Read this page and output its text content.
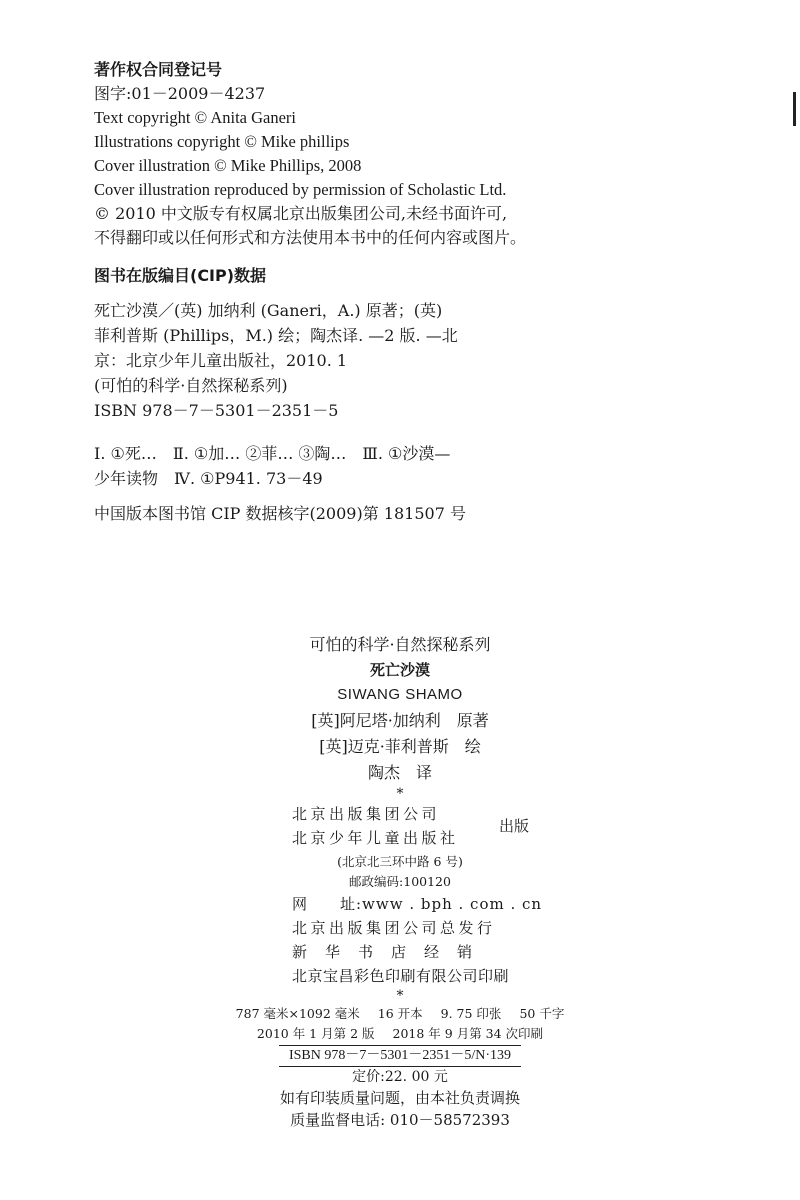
著作权合同登记号
图字:01－2009－4237
Text copyright © Anita Ganeri
Illustrations copyright © Mike phillips
Cover illustration © Mike Phillips, 2008
Cover illustration reproduced by permission of Scholastic Ltd.
© 2010 中文版专有权属北京出版集团公司,未经书面许可,
不得翻印或以任何形式和方法使用本书中的任何内容或图片。
图书在版编目(CIP)数据
死亡沙漠／(英) 加纳利 (Ganeri，A.) 原著；(英)
菲利普斯 (Phillips，M.) 绘；陶杰译. —2 版. —北
京：北京少年儿童出版社，2010. 1
(可怕的科学·自然探秘系列)
ISBN 978－7－5301－2351－5
Ⅰ. ①死…　Ⅱ. ①加… ②菲… ③陶…　Ⅲ. ①沙漠—
少年读物　Ⅳ. ①P941. 73－49
中国版本图书馆 CIP 数据核字(2009)第 181507 号
可怕的科学·自然探秘系列
死亡沙漠
SIWANG SHAMO
[英]阿尼塔·加纳利　原著
[英]迈克·菲利普斯　绘
陶杰　译
*
北京出版集团公司
北京少年儿童出版社
出版
(北京北三环中路 6 号)
邮政编码:100120
网　　址:www . bph . com . cn
北京出版集团公司总发行
新华书店经销
北京宝昌彩色印刷有限公司印刷
*
787 毫米×1092 毫米 16 开本 9. 75 印张 50 千字
2010 年 1 月第 2 版 2018 年 9 月第 34 次印刷
ISBN 978－7－5301－2351－5/N·139
定价:22. 00 元
如有印装质量问题，由本社负责调换
质量监督电话: 010－58572393
